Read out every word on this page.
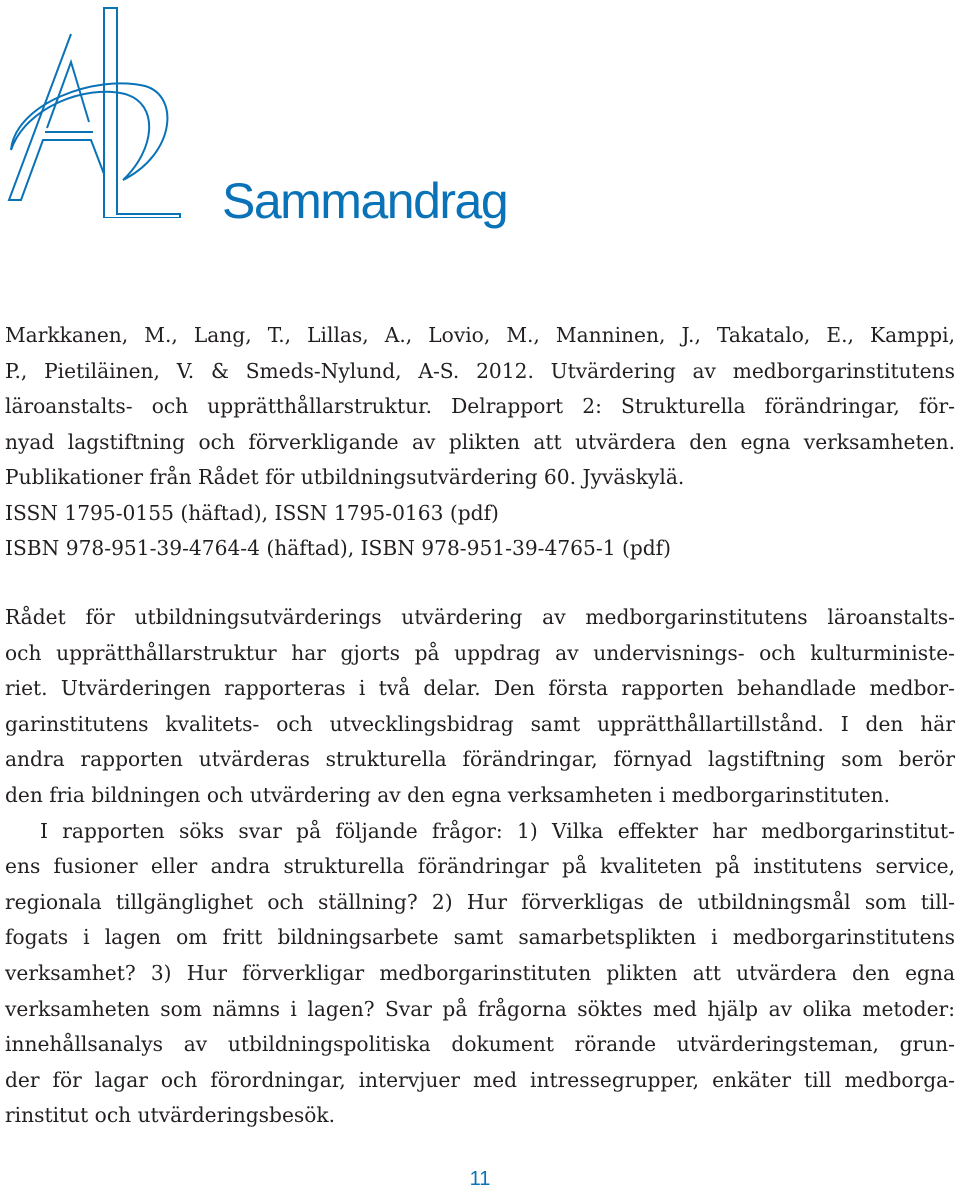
Sammandrag
Markkanen, M., Lang, T., Lillas, A., Lovio, M., Manninen, J., Takatalo, E., Kamppi,
P., Pietiläinen, V. & Smeds-Nylund, A-S. 2012. Utvärdering av medborgarinstitutens
läroanstalts- och upprätthållarstruktur. Delrapport 2: Strukturella förändringar, för-
nyad lagstiftning och förverkligande av plikten att utvärdera den egna verksamheten.
Publikationer från Rådet för utbildningsutvärdering 60. Jyväskylä.
ISSN 1795-0155 (häftad), ISSN 1795-0163 (pdf)
ISBN 978-951-39-4764-4 (häftad), ISBN 978-951-39-4765-1 (pdf)
Rådet för utbildningsutvärderings utvärdering av medborgarinstitutens läroanstalts-
och upprätthållarstruktur har gjorts på uppdrag av undervisnings- och kulturministe-
riet. Utvärderingen rapporteras i två delar. Den första rapporten behandlade medbor-
garinstitutens kvalitets- och utvecklingsbidrag samt upprätthållartillstånd. I den här
andra rapporten utvärderas strukturella förändringar, förnyad lagstiftning som berör
den fria bildningen och utvärdering av den egna verksamheten i medborgarinstituten.
I rapporten söks svar på följande frågor: 1) Vilka effekter har medborgarinstitut-
ens fusioner eller andra strukturella förändringar på kvaliteten på institutens service,
regionala tillgänglighet och ställning? 2) Hur förverkligas de utbildningsmål som till-
fogats i lagen om fritt bildningsarbete samt samarbetsplikten i medborgarinstitutens
verksamhet? 3) Hur förverkligar medborgarinstituten plikten att utvärdera den egna
verksamheten som nämns i lagen? Svar på frågorna söktes med hjälp av olika metoder:
innehållsanalys av utbildningspolitiska dokument rörande utvärderingsteman, grun-
der för lagar och förordningar, intervjuer med intressegrupper, enkäter till medborga-
rinstitut och utvärderingsbesök.
11
